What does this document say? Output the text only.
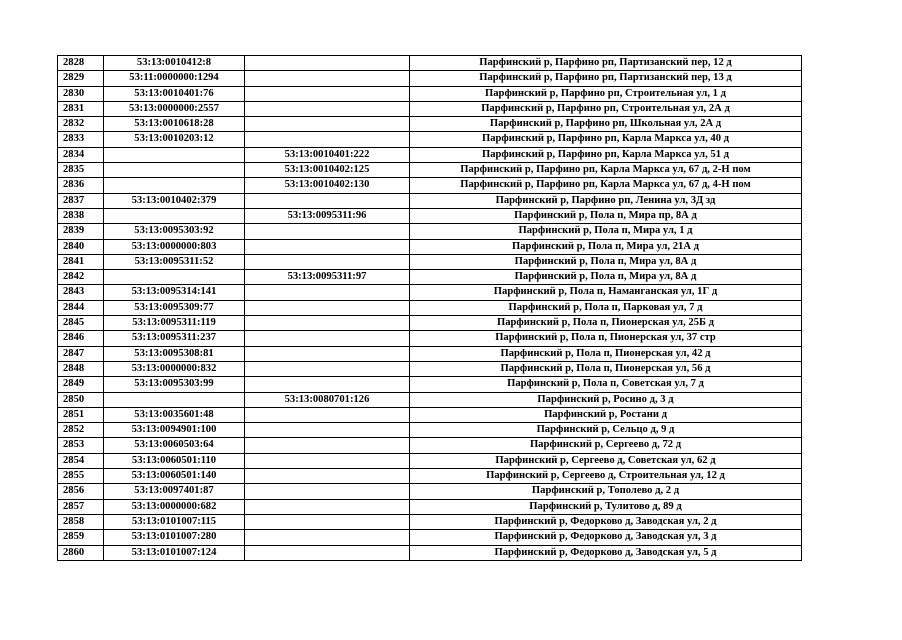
2828	53:13:0010412:8		Парфинский р, Парфино рп, Партизанский пер, 12 д
2829	53:11:0000000:1294		Парфинский р, Парфино рп, Партизанский пер, 13 д
2830	53:13:0010401:76		Парфинский р, Парфино рп, Строительная ул, 1 д
2831	53:13:0000000:2557		Парфинский р, Парфино рп, Строительная ул, 2А д
2832	53:13:0010618:28		Парфинский р, Парфино рп, Школьная ул, 2А д
2833	53:13:0010203:12		Парфинский р, Парфино рп, Карла Маркса ул, 40 д
2834		53:13:0010401:222	Парфинский р, Парфино рп, Карла Маркса ул, 51 д
2835		53:13:0010402:125	Парфинский р, Парфино рп, Карла Маркса ул, 67 д, 2-Н пом
2836		53:13:0010402:130	Парфинский р, Парфино рп, Карла Маркса ул, 67 д, 4-Н пом
2837	53:13:0010402:379		Парфинский р, Парфино рп, Ленина ул, 3Д зд
2838		53:13:0095311:96	Парфинский р, Пола п, Мира пр, 8А д
2839	53:13:0095303:92		Парфинский р, Пола п, Мира ул, 1 д
2840	53:13:0000000:803		Парфинский р, Пола п, Мира ул, 21А д
2841	53:13:0095311:52		Парфинский р, Пола п, Мира ул, 8А д
2842		53:13:0095311:97	Парфинский р, Пола п, Мира ул, 8А д
2843	53:13:0095314:141		Парфинский р, Пола п, Наманганская ул, 1Г д
2844	53:13:0095309:77		Парфинский р, Пола п, Парковая ул, 7 д
2845	53:13:0095311:119		Парфинский р, Пола п, Пионерская ул, 25Б д
2846	53:13:0095311:237		Парфинский р, Пола п, Пионерская ул, 37 стр
2847	53:13:0095308:81		Парфинский р, Пола п, Пионерская ул, 42 д
2848	53:13:0000000:832		Парфинский р, Пола п, Пионерская ул, 56 д
2849	53:13:0095303:99		Парфинский р, Пола п, Советская ул, 7 д
2850		53:13:0080701:126	Парфинский р, Росино д, 3 д
2851	53:13:0035601:48		Парфинский р, Ростани д
2852	53:13:0094901:100		Парфинский р, Сельцо д, 9 д
2853	53:13:0060503:64		Парфинский р, Сергеево д, 72 д
2854	53:13:0060501:110		Парфинский р, Сергеево д, Советская ул, 62 д
2855	53:13:0060501:140		Парфинский р, Сергеево д, Строительная ул, 12 д
2856	53:13:0097401:87		Парфинский р, Тополево д, 2 д
2857	53:13:0000000:682		Парфинский р, Тулитово д, 89 д
2858	53:13:0101007:115		Парфинский р, Федорково д, Заводская ул, 2 д
2859	53:13:0101007:280		Парфинский р, Федорково д, Заводская ул, 3 д
2860	53:13:0101007:124		Парфинский р, Федорково д, Заводская ул, 5 д
